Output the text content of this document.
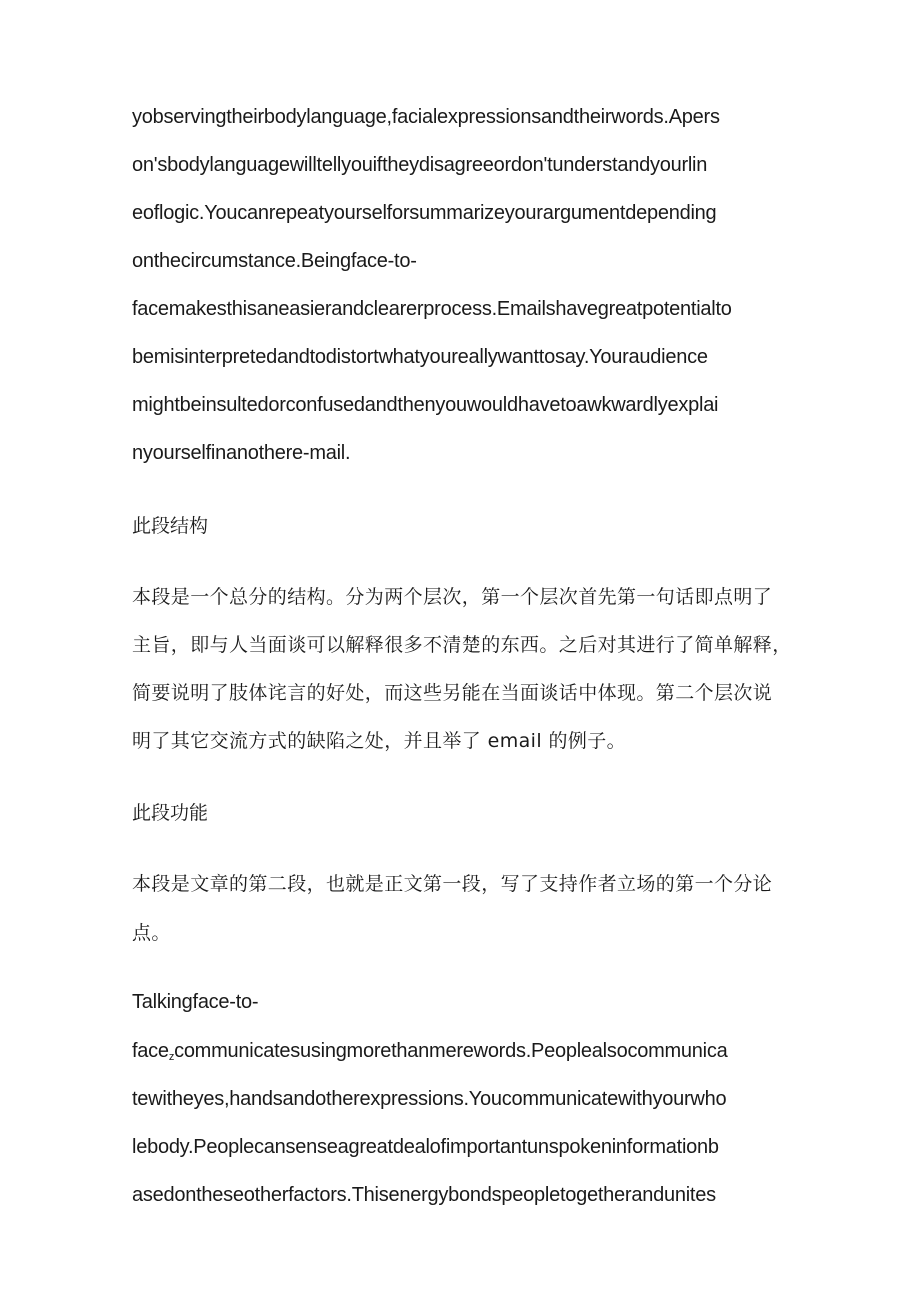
yobservingtheirbodylanguage,facialexpressionsandtheirwords.Apers
on'sbodylanguagewilltellyouiftheydisagreeordon'tunderstandyourlin
eoflogic.Youcanrepeatyourselforsummarizeyourargumentdepending
onthecircumstance.Beingface-to-
facemakesthisaneasierandclearerprocess.Emailshavegreatpotentialto
bemisinterpretedandtodistortwhatyoureallywanttosay.Youraudience
mightbeinsultedorconfusedandthenyouwouldhavetoawkwardlyexplai
nyourselfinanothere-mail.
此段结构
本段是一个总分的结构。分为两个层次，第一个层次首先第一句话即点明了
主旨，即与人当面谈可以解释很多不清楚的东西。之后对其进行了简单解释，
简要说明了肢体诧言的好处，而这些另能在当面谈话中体现。第二个层次说
明了其它交流方式的缺陷之处，并且举了 email 的例子。
此段功能
本段是文章的第二段，也就是正文第一段，写了支持作者立场的第一个分论
点。
Talkingface-to-
face$_z$communicatesusingmorethanmerewords.Peoplealsocommunica
tewitheyes,handsandotherexpressions.Youcommunicatewithyourwho
lebody.Peoplecansenseagreatdealofimportantunspokeninformationb
asedontheseotherfactors.Thisenergybondspeopletogetherandunites
